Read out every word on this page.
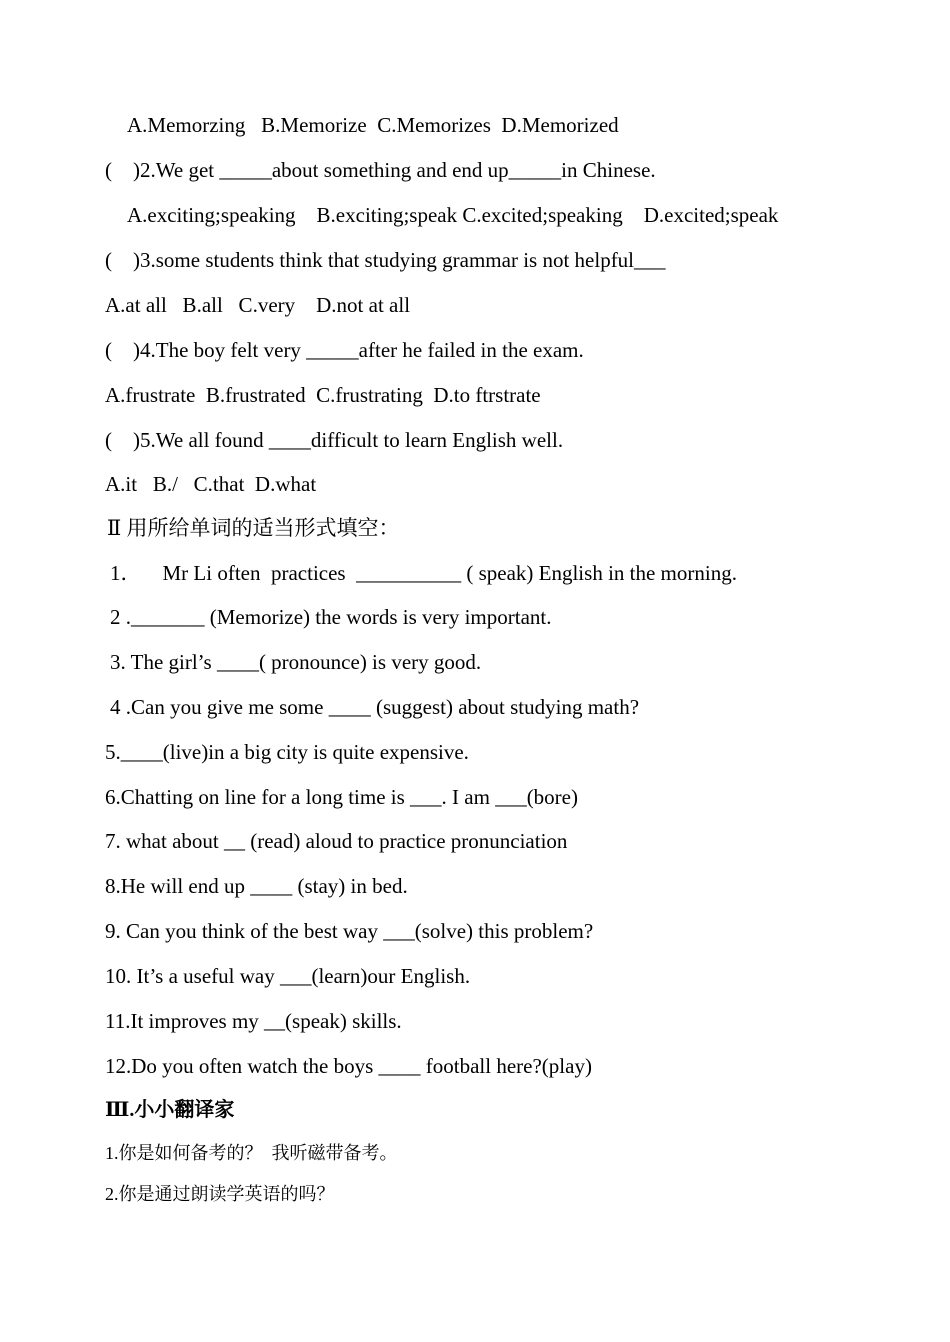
A.Memorzing   B.Memorize  C.Memorizes  D.Memorized
(    )2.We get _____about something and end up_____in Chinese.
A.exciting;speaking    B.exciting;speak C.excited;speaking    D.excited;speak
(    )3.some students think that studying grammar is not helpful___
A.at all   B.all   C.very    D.not at all
(    )4.The boy felt very _____after he failed in the exam.
A.frustrate  B.frustrated  C.frustrating  D.to ftrstrate
(    )5.We all found ____difficult to learn English well.
A.it   B./   C.that  D.what
Ⅱ 用所给单词的适当形式填空：
1．    Mr Li often  practices  __________ ( speak) English in the morning.
2 ._______ (Memorize) the words is very important.
3. The girl’s ____( pronounce) is very good.
4 .Can you give me some ____ (suggest) about studying math?
5.____(live)in a big city is quite expensive.
6.Chatting on line for a long time is ___. I am ___(bore)
7. what about __ (read) aloud to practice pronunciation
8.He will end up ____ (stay) in bed.
9. Can you think of the best way ___(solve) this problem?
10. It’s a useful way ___(learn)our English.
11.It improves my __(speak) skills.
12.Do you often watch the boys ____ football here?(play)
Ⅲ.小小翻译家
1.你是如何备考的？  我听磁带备考。
2.你是通过朗读学英语的吗？
